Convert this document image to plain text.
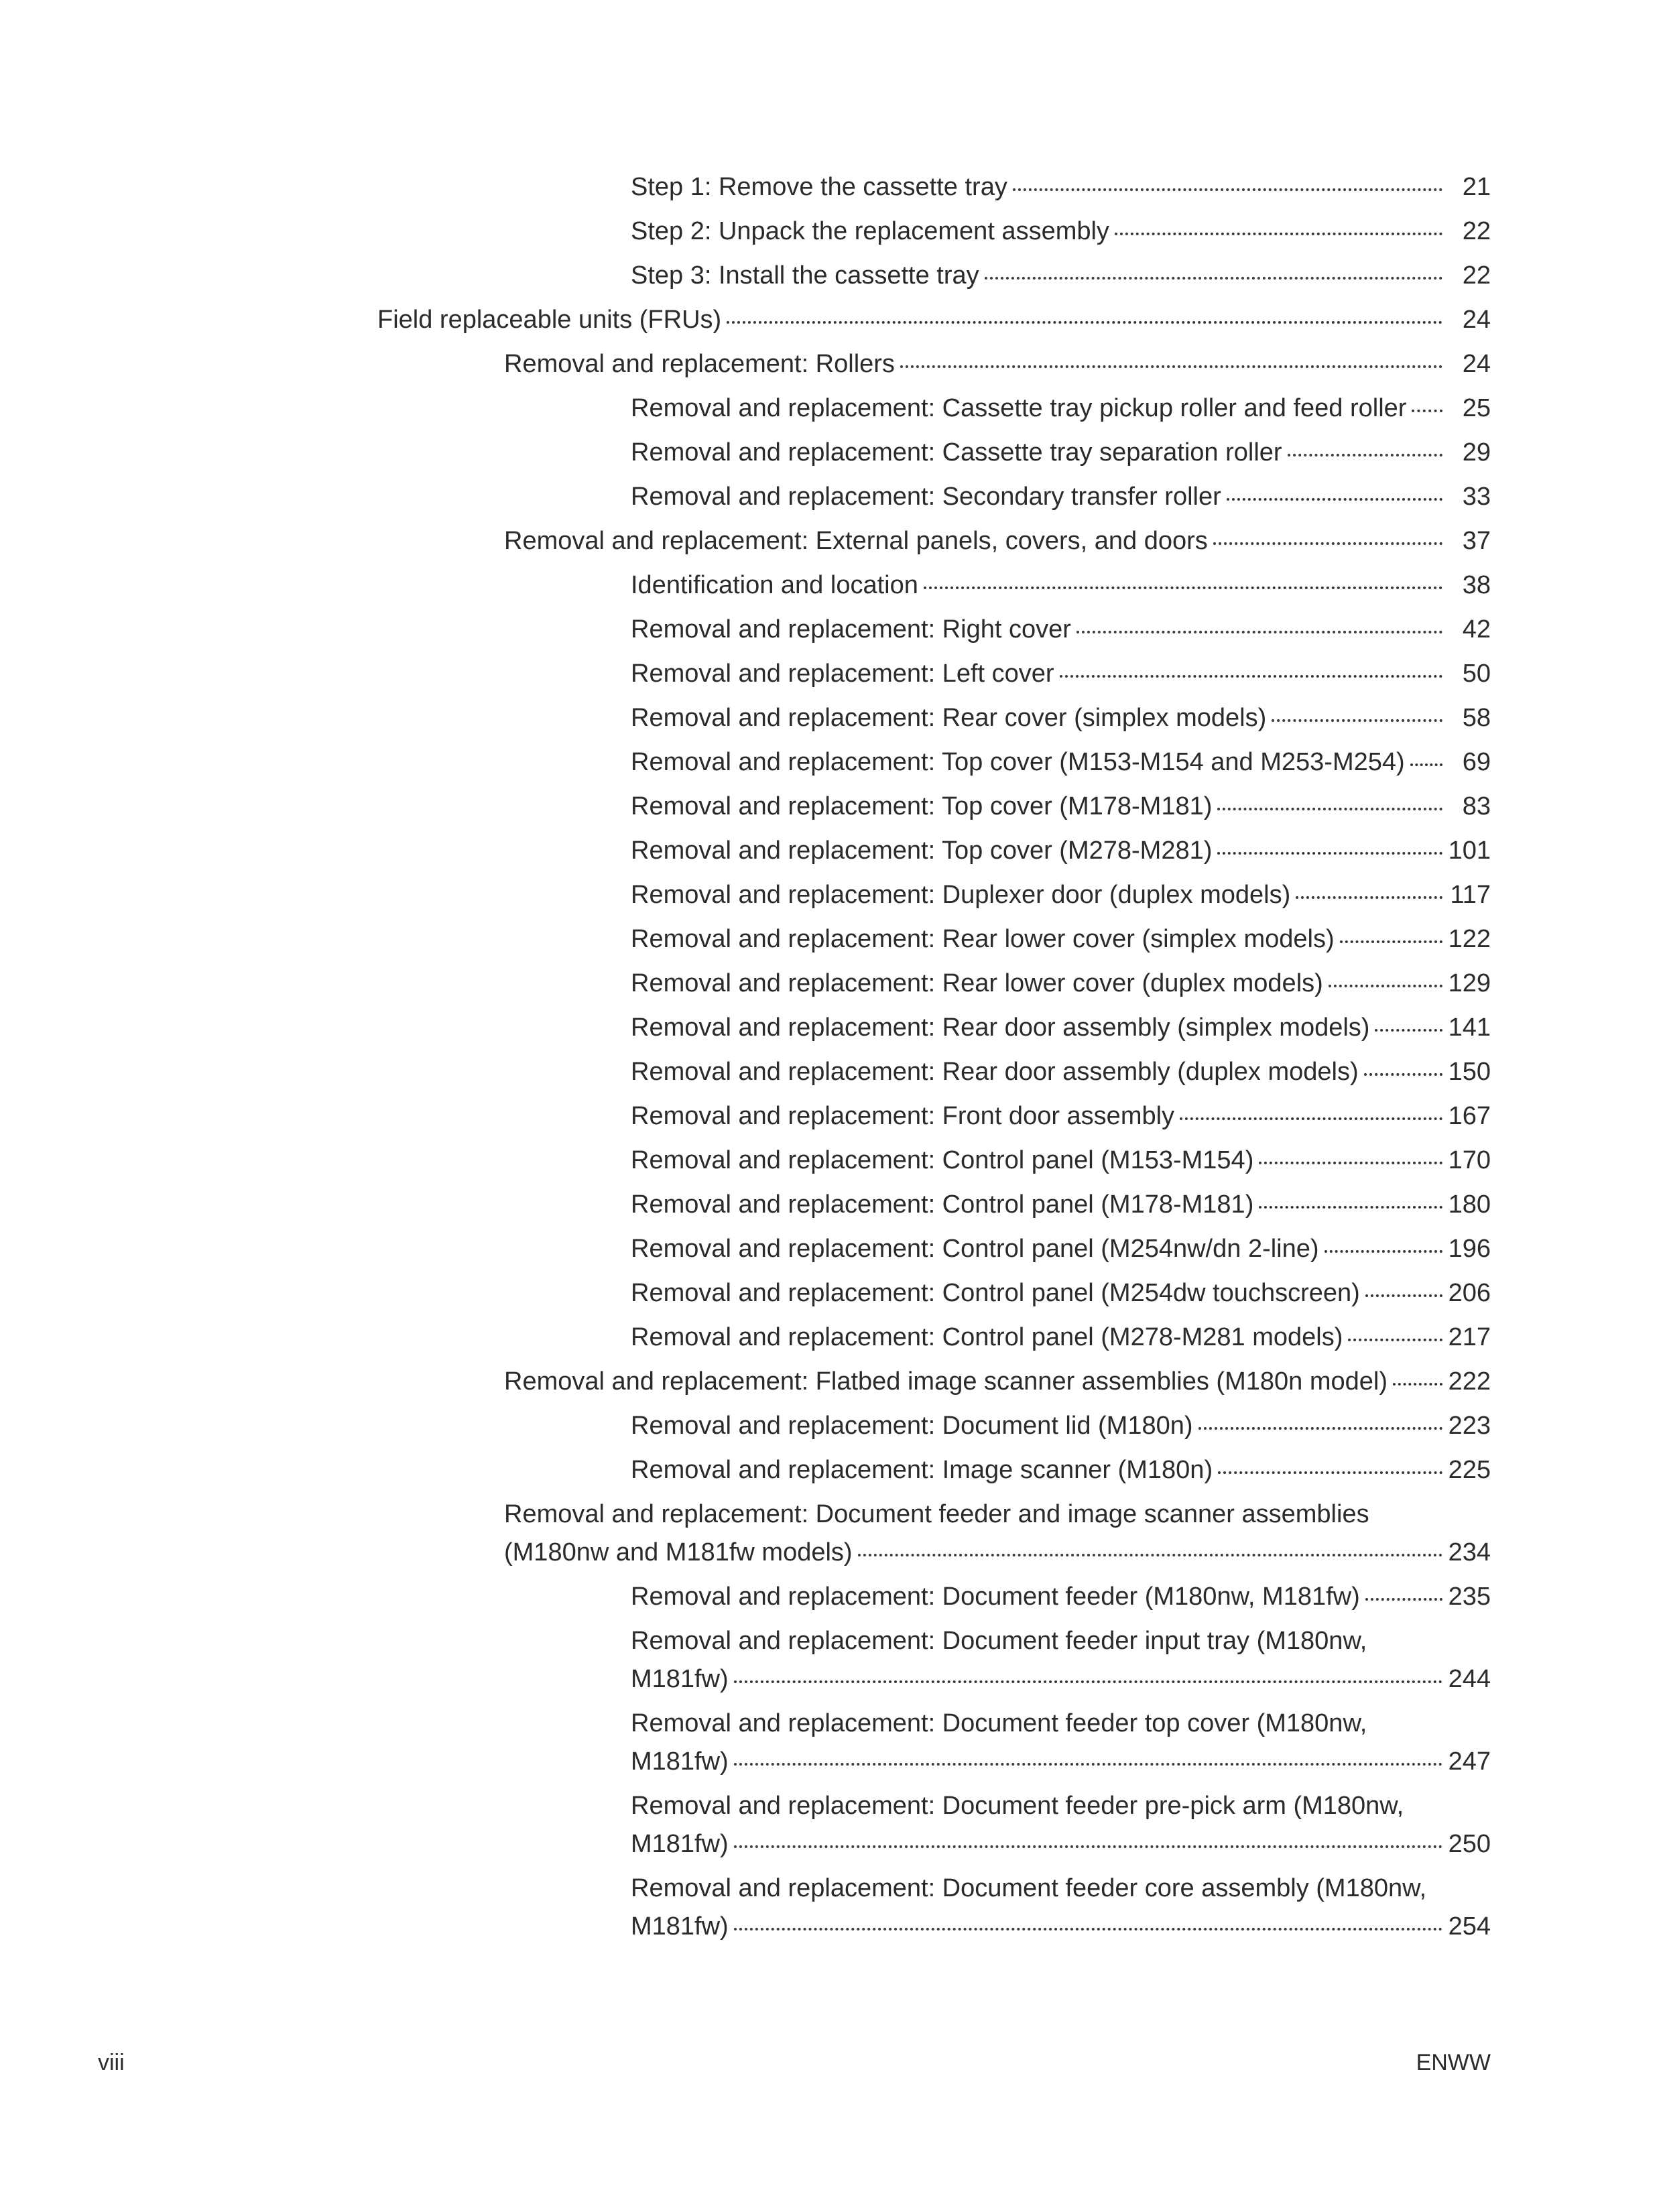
Step 1: Remove the cassette tray	21
Step 2: Unpack the replacement assembly	22
Step 3: Install the cassette tray	22
Field replaceable units (FRUs)	24
Removal and replacement: Rollers	24
Removal and replacement: Cassette tray pickup roller and feed roller	25
Removal and replacement: Cassette tray separation roller	29
Removal and replacement: Secondary transfer roller	33
Removal and replacement: External panels, covers, and doors	37
Identification and location	38
Removal and replacement: Right cover	42
Removal and replacement: Left cover	50
Removal and replacement: Rear cover (simplex models)	58
Removal and replacement: Top cover (M153-M154 and M253-M254)	69
Removal and replacement: Top cover (M178-M181)	83
Removal and replacement: Top cover (M278-M281)	101
Removal and replacement: Duplexer door (duplex models)	117
Removal and replacement: Rear lower cover (simplex models)	122
Removal and replacement: Rear lower cover (duplex models)	129
Removal and replacement: Rear door assembly (simplex models)	141
Removal and replacement: Rear door assembly (duplex models)	150
Removal and replacement: Front door assembly	167
Removal and replacement: Control panel (M153-M154)	170
Removal and replacement: Control panel (M178-M181)	180
Removal and replacement: Control panel (M254nw/dn 2-line)	196
Removal and replacement: Control panel (M254dw touchscreen)	206
Removal and replacement: Control panel (M278-M281 models)	217
Removal and replacement: Flatbed image scanner assemblies (M180n model) 222
Removal and replacement: Document lid (M180n)	223
Removal and replacement: Image scanner (M180n)	225
Removal and replacement: Document feeder and image scanner assemblies
(M180nw and M181fw models)	234
Removal and replacement: Document feeder (M180nw, M181fw)	235
Removal and replacement: Document feeder input tray (M180nw,
M181fw)	244
Removal and replacement: Document feeder top cover (M180nw,
M181fw)	247
Removal and replacement: Document feeder pre-pick arm (M180nw,
M181fw)	250
Removal and replacement: Document feeder core assembly (M180nw,
M181fw)	254
viii	ENWW
